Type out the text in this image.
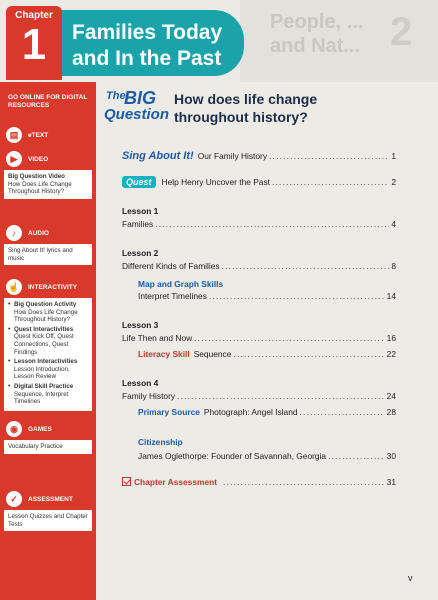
People, ... and Nat... 2
Families Today
and In the Past
Chapter
1
GO ONLINE FOR DIGITAL RESOURCES
▤	eTEXT
▶	VIDEO
Big Question Video
How Does Life Change Throughout History?
♪	AUDIO
Sing About It! lyrics and music
☝	INTERACTIVITY
• Big Question Activity
How Does Life Change Throughout History?
• Quest Interactivities
Quest Kick Off, Quest Connections, Quest Findings
• Lesson Interactivities
Lesson Introduction, Lesson Review
• Digital Skill Practice
Sequence, Interpret Timelines
◉	GAMES
Vocabulary Practice
✓	ASSESSMENT
Lesson Quizzes and Chapter Tests
The
BIG
Question
How does life change throughout history?
Sing About It! Our Family History .....	1
Quest Help Henry Uncover the Past .....	2
Lesson 1
Families .....	4
Lesson 2
Different Kinds of Families .....	8
Map and Graph Skills
Interpret Timelines .....	14
Lesson 3
Life Then and Now .....	16
Literacy Skill Sequence .....	22
Lesson 4
Family History .....	24
Primary Source Photograph: Angel Island .....	28
Citizenship
James Oglethorpe: Founder of Savannah, Georgia .....	30
Chapter Assessment .....	31
v
